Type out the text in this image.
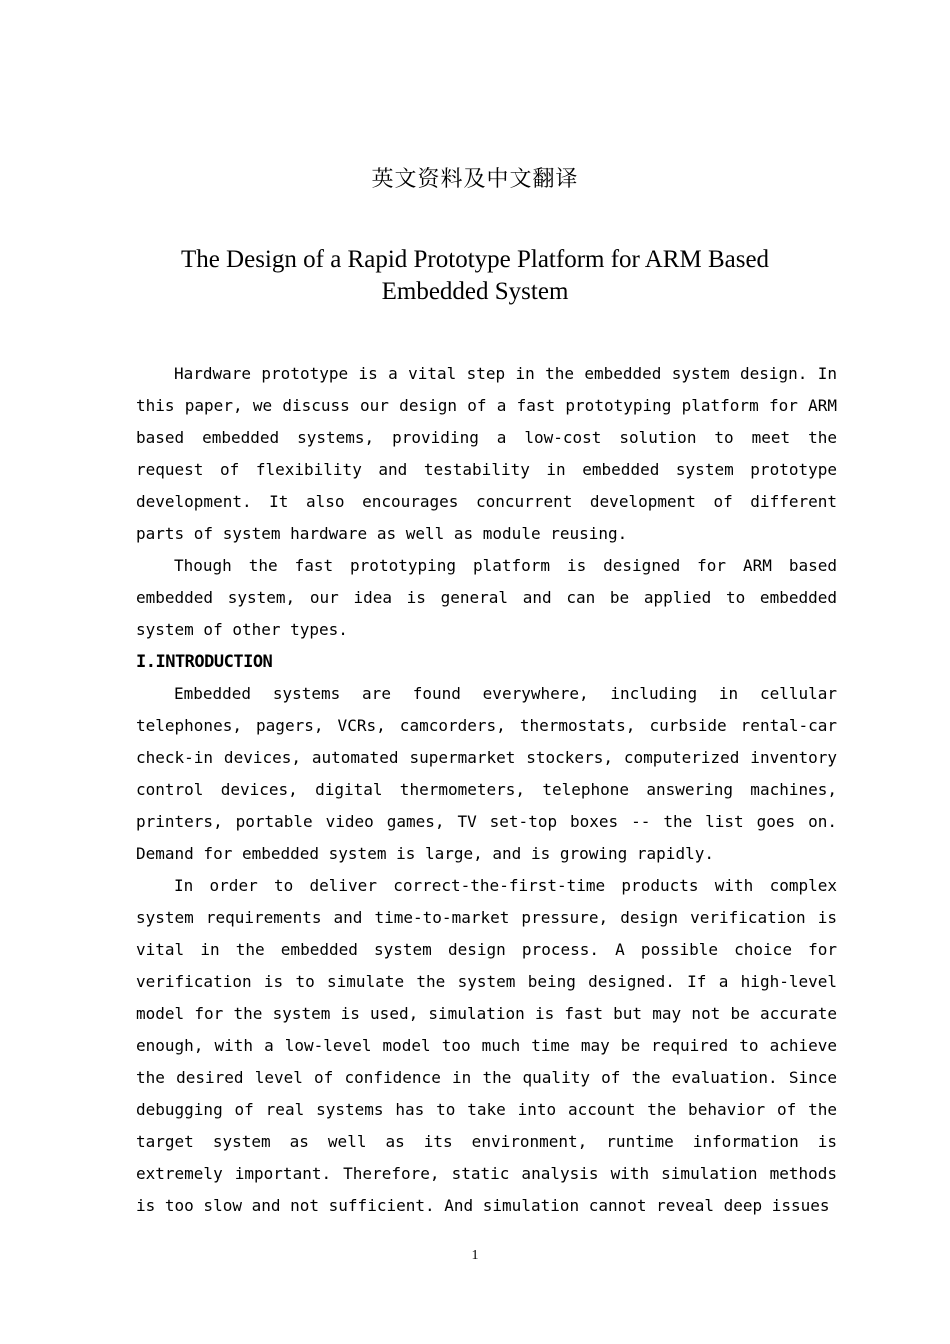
英文资料及中文翻译
The Design of a Rapid Prototype Platform for ARM Based Embedded System

Hardware prototype is a vital step in the embedded system design. In this paper, we discuss our design of a fast prototyping platform for ARM based embedded systems, providing a low-cost solution to meet the request of flexibility and testability in embedded system prototype development. It also encourages concurrent development of different parts of system hardware as well as module reusing.

Though the fast prototyping platform is designed for ARM based embedded system, our idea is general and can be applied to embedded system of other types.

I.INTRODUCTION

Embedded systems are found everywhere, including in cellular telephones, pagers, VCRs, camcorders, thermostats, curbside rental-car check-in devices, automated supermarket stockers, computerized inventory control devices, digital thermometers, telephone answering machines, printers, portable video games, TV set-top boxes -- the list goes on. Demand for embedded system is large, and is growing rapidly.

In order to deliver correct-the-first-time products with complex system requirements and time-to-market pressure, design verification is vital in the embedded system design process. A possible choice for verification is to simulate the system being designed. If a high-level model for the system is used, simulation is fast but may not be accurate enough, with a low-level model too much time may be required to achieve the desired level of confidence in the quality of the evaluation. Since debugging of real systems has to take into account the behavior of the target system as well as its environment, runtime information is extremely important. Therefore, static analysis with simulation methods is too slow and not sufficient. And simulation cannot reveal deep issues

1
